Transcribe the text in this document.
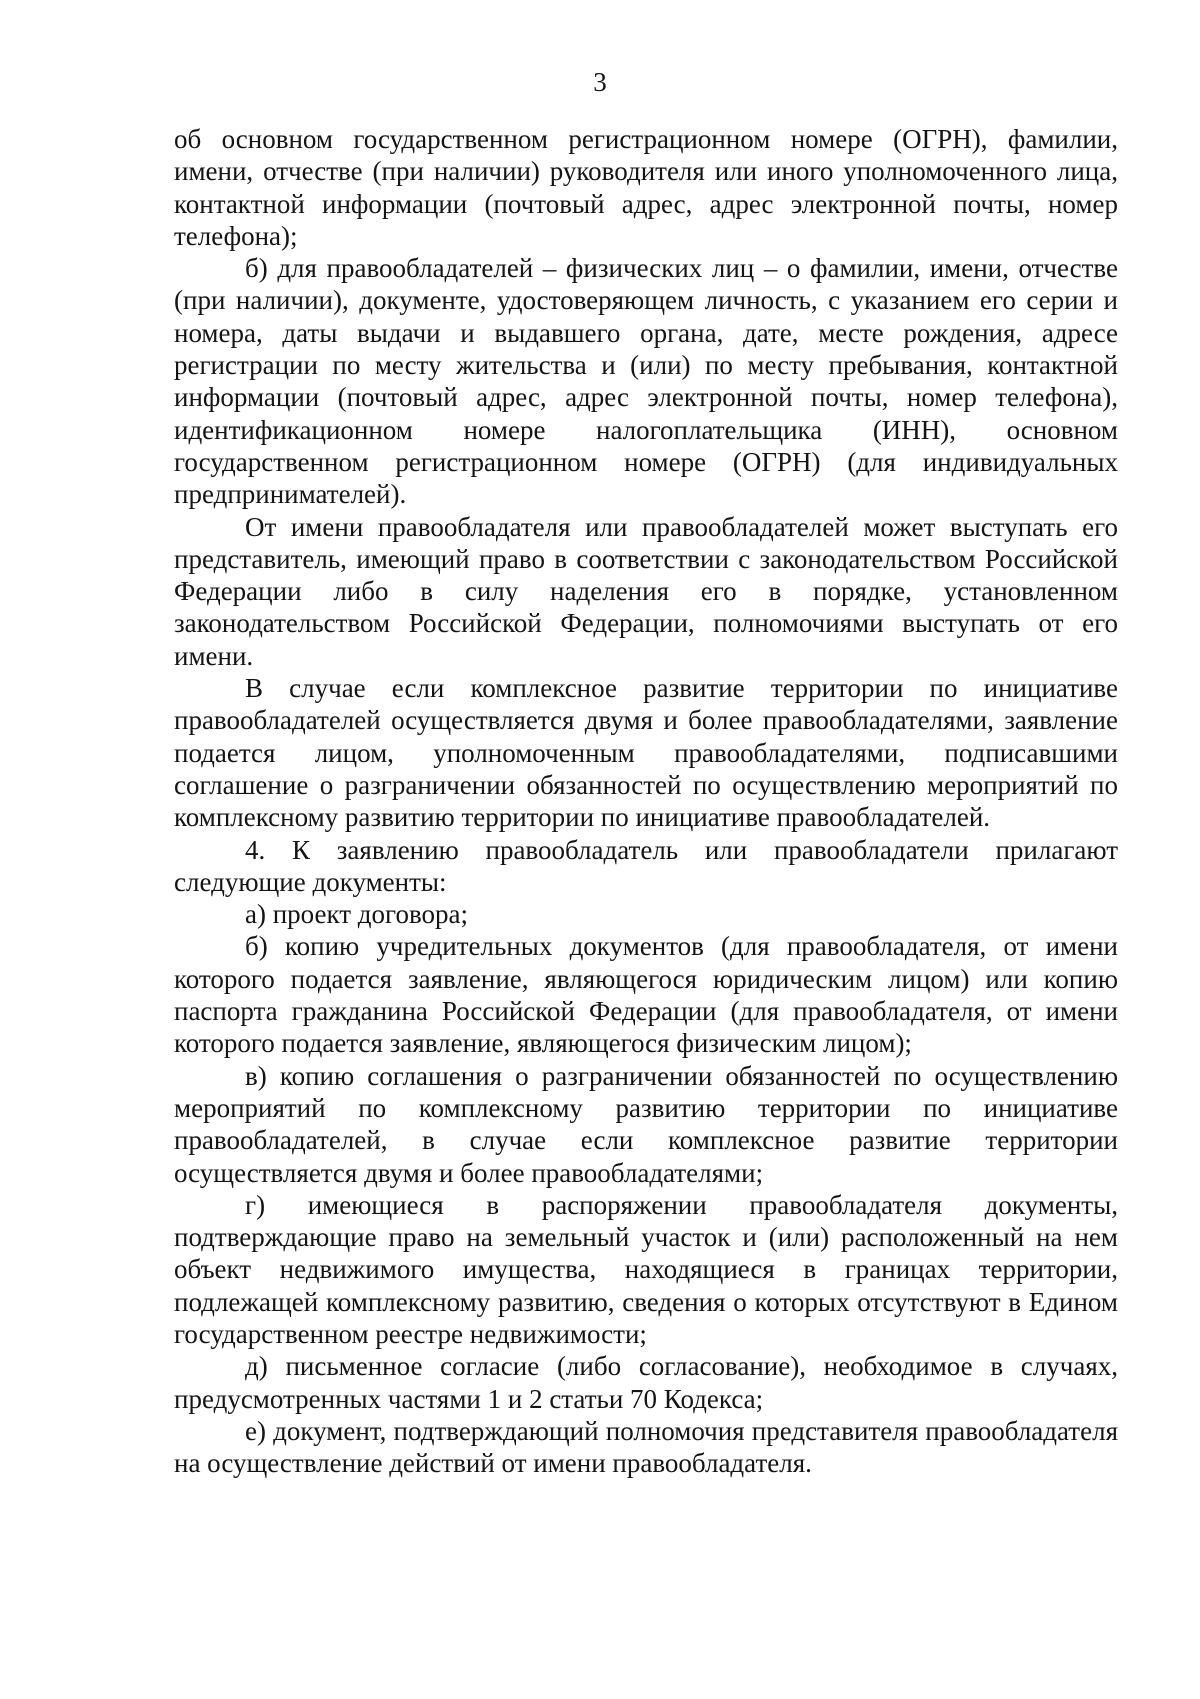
3

об основном государственном регистрационном номере (ОГРН), фамилии, имени, отчестве (при наличии) руководителя или иного уполномоченного лица, контактной информации (почтовый адрес, адрес электронной почты, номер телефона);

б) для правообладателей – физических лиц – о фамилии, имени, отчестве (при наличии), документе, удостоверяющем личность, с указанием его серии и номера, даты выдачи и выдавшего органа, дате, месте рождения, адресе регистрации по месту жительства и (или) по месту пребывания, контактной информации (почтовый адрес, адрес электронной почты, номер телефона), идентификационном номере налогоплательщика (ИНН), основном государственном регистрационном номере (ОГРН) (для индивидуальных предпринимателей).

От имени правообладателя или правообладателей может выступать его представитель, имеющий право в соответствии с законодательством Российской Федерации либо в силу наделения его в порядке, установленном законодательством Российской Федерации, полномочиями выступать от его имени.

В случае если комплексное развитие территории по инициативе правообладателей осуществляется двумя и более правообладателями, заявление подается лицом, уполномоченным правообладателями, подписавшими соглашение о разграничении обязанностей по осуществлению мероприятий по комплексному развитию территории по инициативе правообладателей.

4. К заявлению правообладатель или правообладатели прилагают следующие документы:

а) проект договора;

б) копию учредительных документов (для правообладателя, от имени которого подается заявление, являющегося юридическим лицом) или копию паспорта гражданина Российской Федерации (для правообладателя, от имени которого подается заявление, являющегося физическим лицом);

в) копию соглашения о разграничении обязанностей по осуществлению мероприятий по комплексному развитию территории по инициативе правообладателей, в случае если комплексное развитие территории осуществляется двумя и более правообладателями;

г) имеющиеся в распоряжении правообладателя документы, подтверждающие право на земельный участок и (или) расположенный на нем объект недвижимого имущества, находящиеся в границах территории, подлежащей комплексному развитию, сведения о которых отсутствуют в Едином государственном реестре недвижимости;

д) письменное согласие (либо согласование), необходимое в случаях, предусмотренных частями 1 и 2 статьи 70 Кодекса;

е) документ, подтверждающий полномочия представителя правообладателя на осуществление действий от имени правообладателя.
